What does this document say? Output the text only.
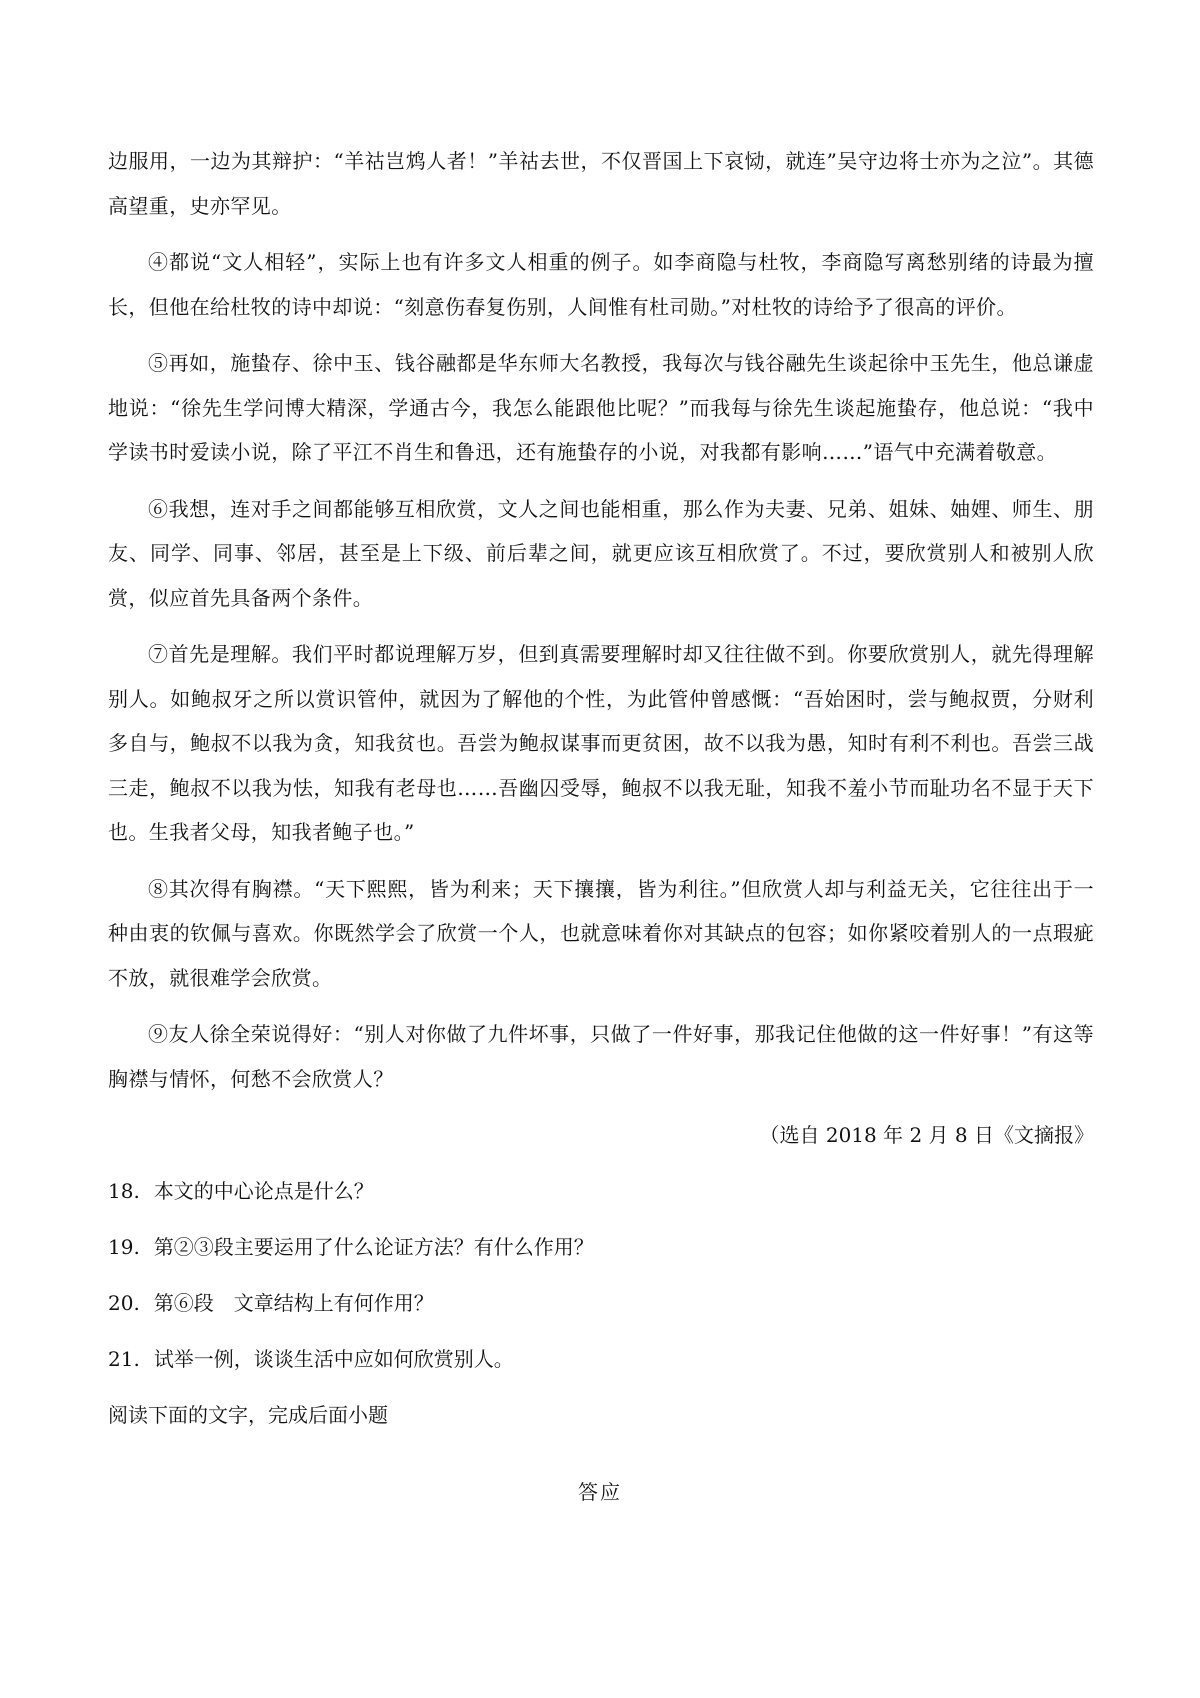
边服用，一边为其辩护：“羊祜岂鸩人者！”羊祜去世，不仅晋国上下哀恸，就连”吴守边将士亦为之泣”。其德高望重，史亦罕见。
④都说“文人相轻”，实际上也有许多文人相重的例子。如李商隐与杜牧，李商隐写离愁别绪的诗最为擅长，但他在给杜牧的诗中却说：“刻意伤春复伤别，人间惟有杜司勋。”对杜牧的诗给予了很高的评价。
⑤再如，施蛰存、徐中玉、钱谷融都是华东师大名教授，我每次与钱谷融先生谈起徐中玉先生，他总谦虚地说：“徐先生学问博大精深，学通古今，我怎么能跟他比呢？”而我每与徐先生谈起施蛰存，他总说：“我中学读书时爱读小说，除了平江不肖生和鲁迅，还有施蛰存的小说，对我都有影响……”语气中充满着敬意。
⑥我想，连对手之间都能够互相欣赏，文人之间也能相重，那么作为夫妻、兄弟、姐妹、妯娌、师生、朋友、同学、同事、邻居，甚至是上下级、前后辈之间，就更应该互相欣赏了。不过，要欣赏别人和被别人欣赏，似应首先具备两个条件。
⑦首先是理解。我们平时都说理解万岁，但到真需要理解时却又往往做不到。你要欣赏别人，就先得理解别人。如鲍叔牙之所以赏识管仲，就因为了解他的个性，为此管仲曾感慨：“吾始困时，尝与鲍叔贾，分财利多自与，鲍叔不以我为贪，知我贫也。吾尝为鲍叔谋事而更贫困，故不以我为愚，知时有利不利也。吾尝三战三走，鲍叔不以我为怯，知我有老母也……吾幽囚受辱，鲍叔不以我无耻，知我不羞小节而耻功名不显于天下也。生我者父母，知我者鲍子也。”
⑧其次得有胸襟。“天下熙熙，皆为利来；天下攘攘，皆为利往。”但欣赏人却与利益无关，它往往出于一种由衷的钦佩与喜欢。你既然学会了欣赏一个人，也就意味着你对其缺点的包容；如你紧咬着别人的一点瑕疵不放，就很难学会欣赏。
⑨友人徐全荣说得好：“别人对你做了九件坏事，只做了一件好事，那我记住他做的这一件好事！”有这等胸襟与情怀，何愁不会欣赏人？
（选自 2018 年 2 月 8 日《文摘报》
18. 本文的中心论点是什么？
19. 第②③段主要运用了什么论证方法？有什么作用？
20. 第⑥段　文章结构上有何作用？
21. 试举一例，谈谈生活中应如何欣赏别人。
阅读下面的文字，完成后面小题
答应
